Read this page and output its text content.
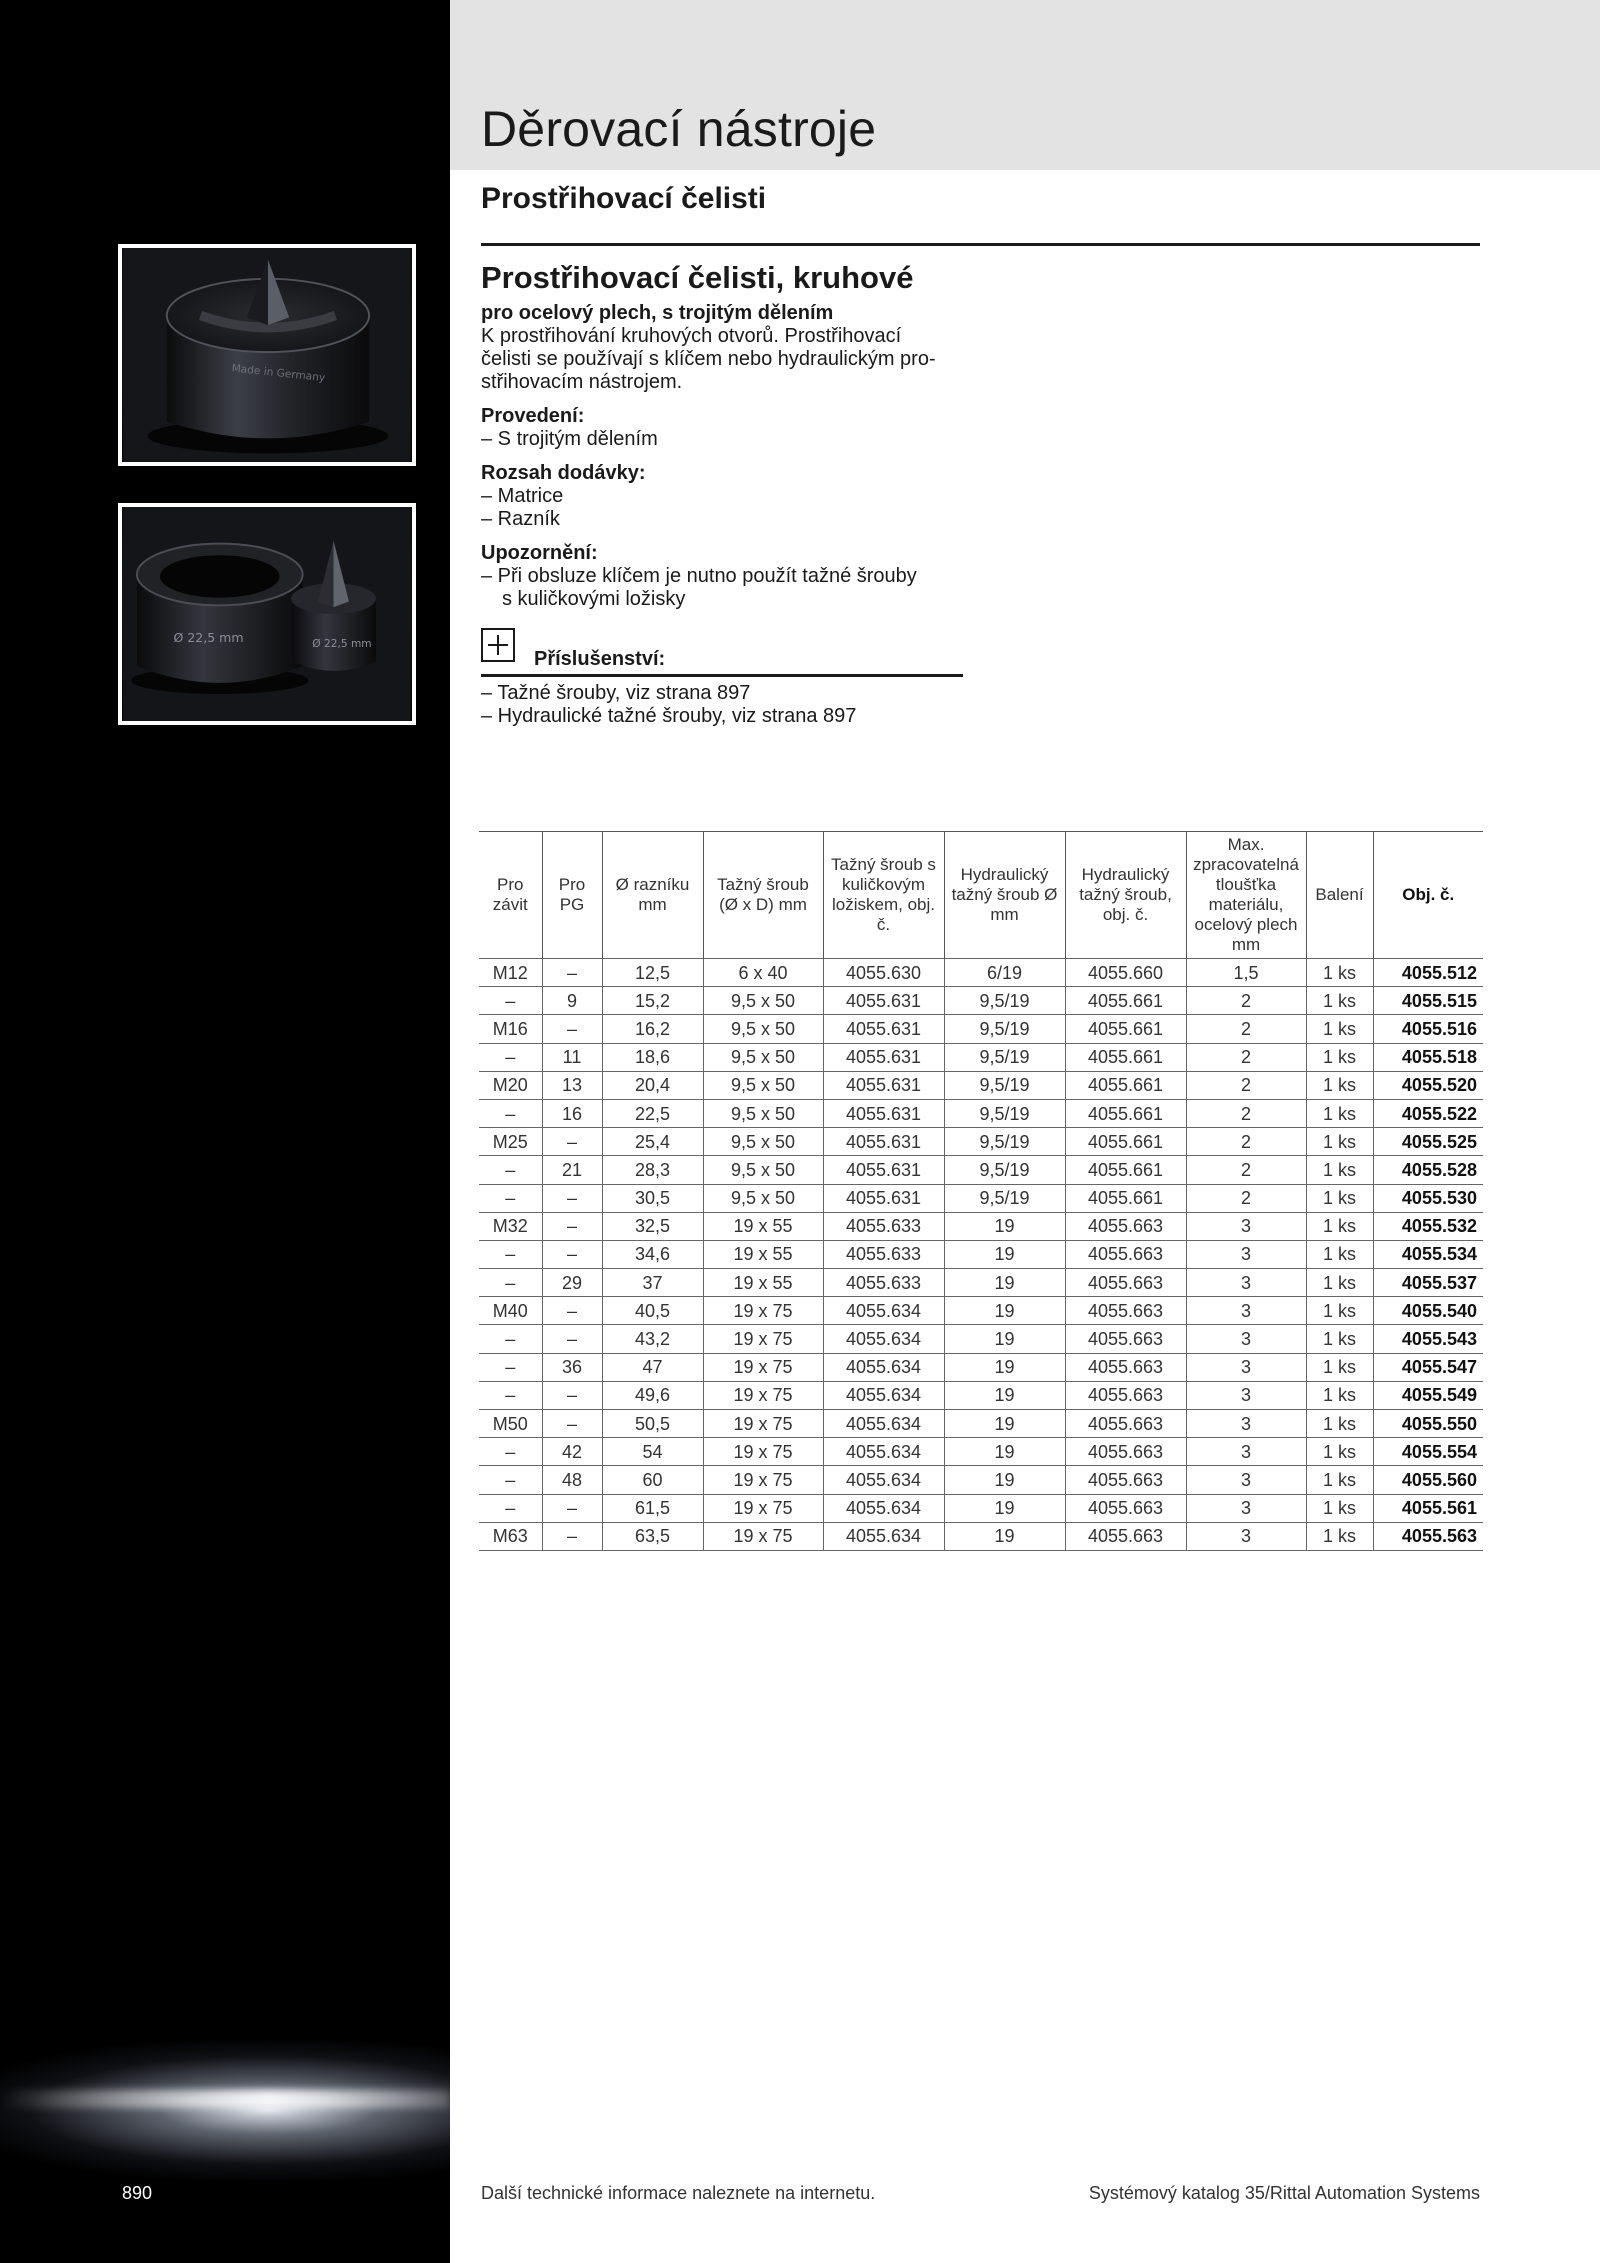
Made in Germany
Ø 22,5 mm	Ø 22,5 mm
Děrovací nástroje
Prostřihovací čelisti
Prostřihovací čelisti, kruhové
pro ocelový plech, s trojitým dělením
K prostřihování kruhových otvorů. Prostřihovací
čelisti se používají s klíčem nebo hydraulickým pro-
střihovacím nástrojem.
Provedení:
– S trojitým dělením
Rozsah dodávky:
– Matrice
– Razník
Upozornění:
– Při obsluze klíčem je nutno použít tažné šrouby
s kuličkovými ložisky
Příslušenství:
– Tažné šrouby, viz strana 897
– Hydraulické tažné šrouby, viz strana 897
Pro závit	Pro PG	Ø razníku mm	Tažný šroub (Ø x D) mm	Tažný šroub s kuličkovým ložiskem, obj. č.	Hydraulický tažný šroub Ø mm	Hydraulický tažný šroub, obj. č.	Max. zpracovatelná tloušťka materiálu, ocelový plech mm	Balení	Obj. č.
M12	–	12,5	6 x 40	4055.630	6/19	4055.660	1,5	1 ks	4055.512
–	9	15,2	9,5 x 50	4055.631	9,5/19	4055.661	2	1 ks	4055.515
M16	–	16,2	9,5 x 50	4055.631	9,5/19	4055.661	2	1 ks	4055.516
–	11	18,6	9,5 x 50	4055.631	9,5/19	4055.661	2	1 ks	4055.518
M20	13	20,4	9,5 x 50	4055.631	9,5/19	4055.661	2	1 ks	4055.520
–	16	22,5	9,5 x 50	4055.631	9,5/19	4055.661	2	1 ks	4055.522
M25	–	25,4	9,5 x 50	4055.631	9,5/19	4055.661	2	1 ks	4055.525
–	21	28,3	9,5 x 50	4055.631	9,5/19	4055.661	2	1 ks	4055.528
–	–	30,5	9,5 x 50	4055.631	9,5/19	4055.661	2	1 ks	4055.530
M32	–	32,5	19 x 55	4055.633	19	4055.663	3	1 ks	4055.532
–	–	34,6	19 x 55	4055.633	19	4055.663	3	1 ks	4055.534
–	29	37	19 x 55	4055.633	19	4055.663	3	1 ks	4055.537
M40	–	40,5	19 x 75	4055.634	19	4055.663	3	1 ks	4055.540
–	–	43,2	19 x 75	4055.634	19	4055.663	3	1 ks	4055.543
–	36	47	19 x 75	4055.634	19	4055.663	3	1 ks	4055.547
–	–	49,6	19 x 75	4055.634	19	4055.663	3	1 ks	4055.549
M50	–	50,5	19 x 75	4055.634	19	4055.663	3	1 ks	4055.550
–	42	54	19 x 75	4055.634	19	4055.663	3	1 ks	4055.554
–	48	60	19 x 75	4055.634	19	4055.663	3	1 ks	4055.560
–	–	61,5	19 x 75	4055.634	19	4055.663	3	1 ks	4055.561
M63	–	63,5	19 x 75	4055.634	19	4055.663	3	1 ks	4055.563
890	Další technické informace naleznete na internetu.	Systémový katalog 35/Rittal Automation Systems
